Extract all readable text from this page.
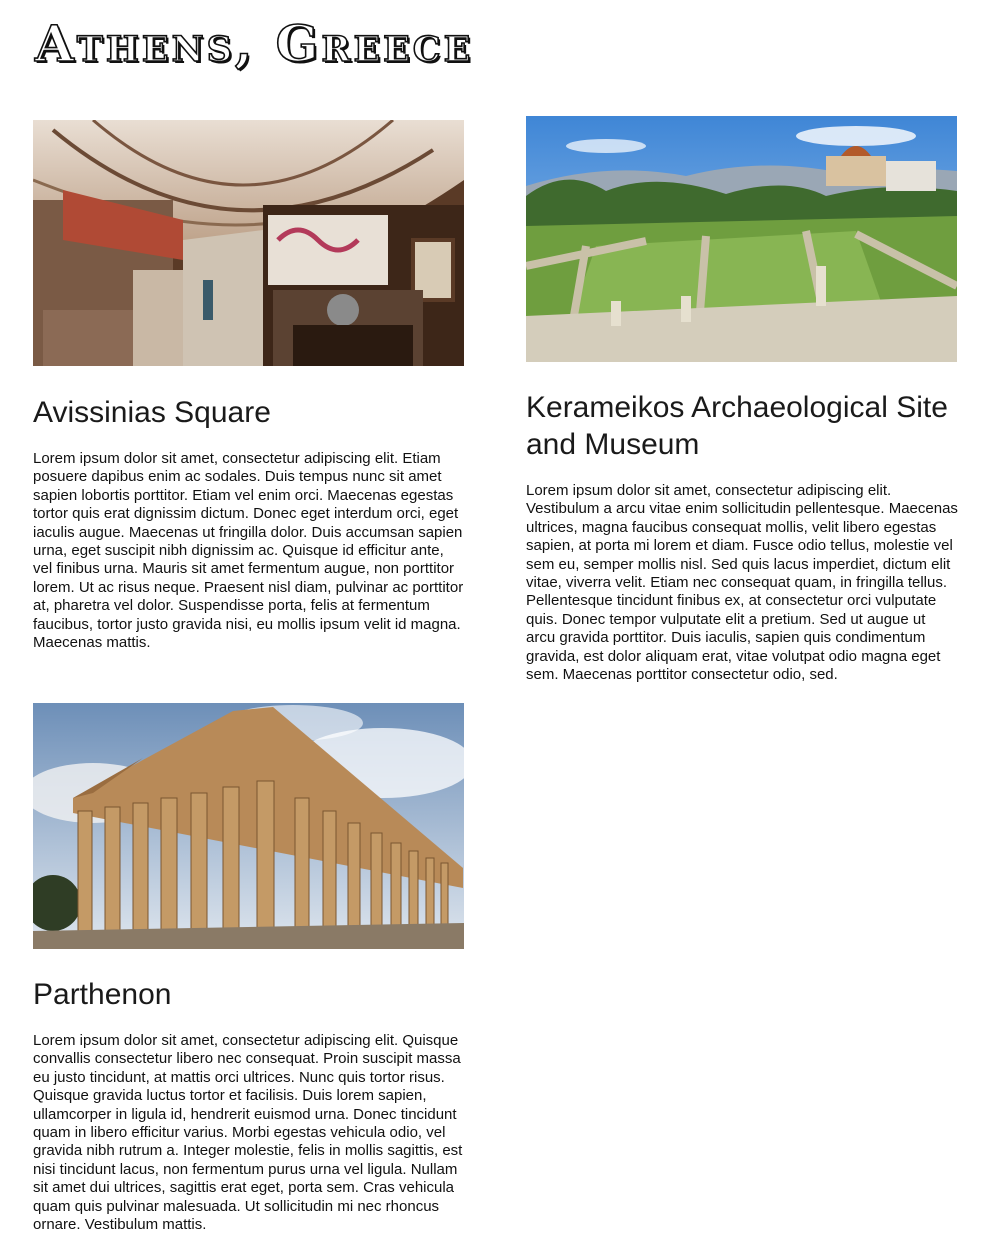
Athens, Greece
Avissinias Square

Lorem ipsum dolor sit amet, consectetur adipiscing elit. Etiam posuere dapibus enim ac sodales. Duis tempus nunc sit amet sapien lobortis porttitor. Etiam vel enim orci. Maecenas egestas tortor quis erat dignissim dictum. Donec eget interdum orci, eget iaculis augue. Maecenas ut fringilla dolor. Duis accumsan sapien urna, eget suscipit nibh dignissim ac. Quisque id efficitur ante, vel finibus urna. Mauris sit amet fermentum augue, non porttitor lorem. Ut ac risus neque. Praesent nisl diam, pulvinar ac porttitor at, pharetra vel dolor. Suspendisse porta, felis at fermentum faucibus, tortor justo gravida nisi, eu mollis ipsum velit id magna. Maecenas mattis.

Kerameikos Archaeological Site and Museum

Lorem ipsum dolor sit amet, consectetur adipiscing elit. Vestibulum a arcu vitae enim sollicitudin pellentesque. Maecenas ultrices, magna faucibus consequat mollis, velit libero egestas sapien, at porta mi lorem et diam. Fusce odio tellus, molestie vel sem eu, semper mollis nisl. Sed quis lacus imperdiet, dictum elit vitae, viverra velit. Etiam nec consequat quam, in fringilla tellus. Pellentesque tincidunt finibus ex, at consectetur orci vulputate quis. Donec tempor vulputate elit a pretium. Sed ut augue ut arcu gravida porttitor. Duis iaculis, sapien quis condimentum gravida, est dolor aliquam erat, vitae volutpat odio magna eget sem. Maecenas porttitor consectetur odio, sed.

Parthenon

Lorem ipsum dolor sit amet, consectetur adipiscing elit. Quisque convallis consectetur libero nec consequat. Proin suscipit massa eu justo tincidunt, at mattis orci ultrices. Nunc quis tortor risus. Quisque gravida luctus tortor et facilisis. Duis lorem sapien, ullamcorper in ligula id, hendrerit euismod urna. Donec tincidunt quam in libero efficitur varius. Morbi egestas vehicula odio, vel gravida nibh rutrum a. Integer molestie, felis in mollis sagittis, est nisi tincidunt lacus, non fermentum purus urna vel ligula. Nullam sit amet dui ultrices, sagittis erat eget, porta sem. Cras vehicula quam quis pulvinar malesuada. Ut sollicitudin mi nec rhoncus ornare. Vestibulum mattis.
